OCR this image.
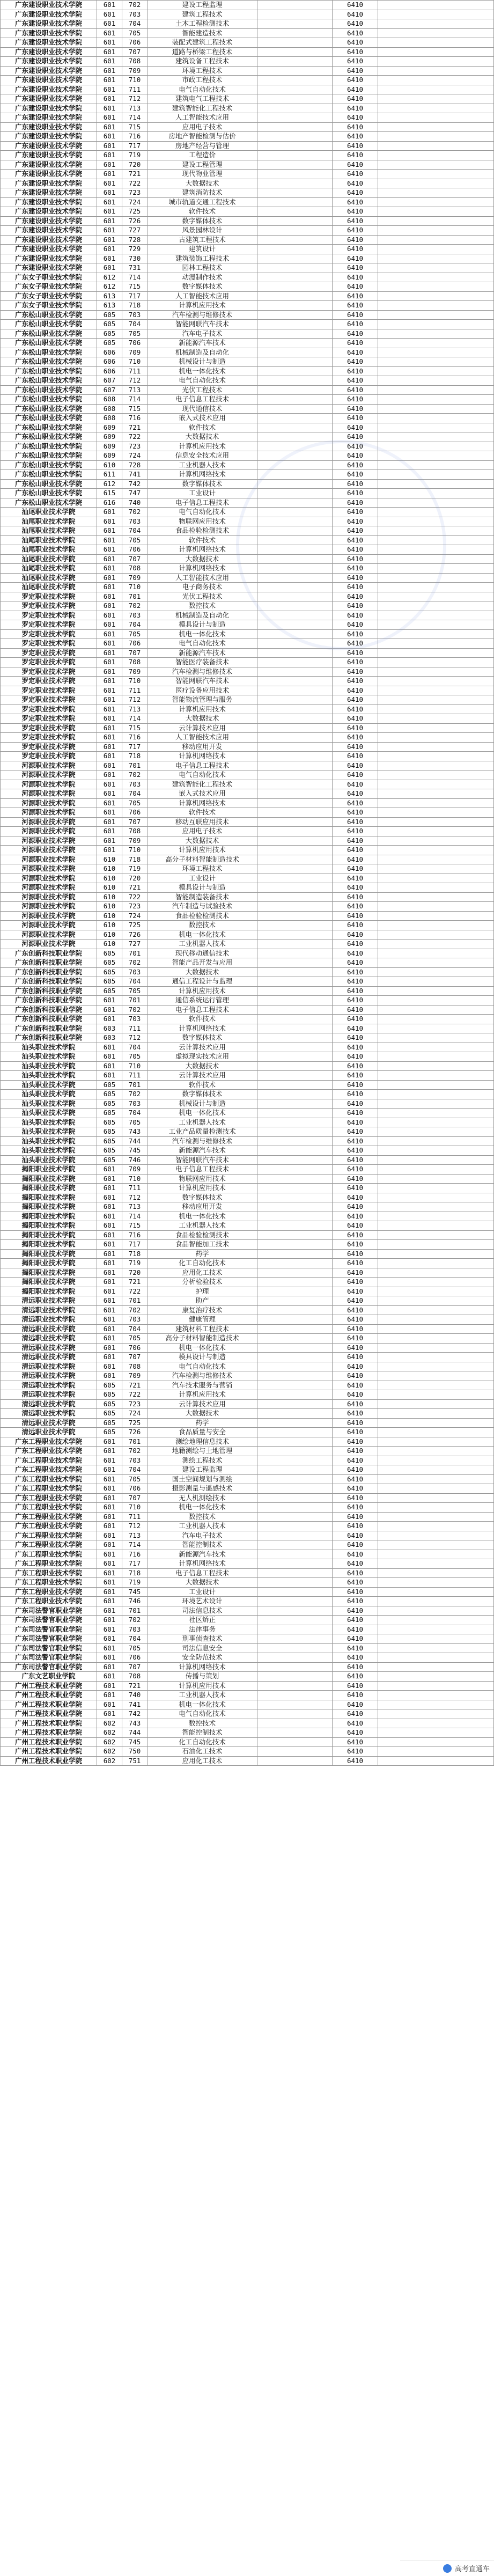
广东建设职业技术学院	601	702	建设工程监理		6410	
广东建设职业技术学院	601	703	建筑工程技术		6410	
广东建设职业技术学院	601	704	土木工程检测技术		6410	
广东建设职业技术学院	601	705	智能建造技术		6410	
广东建设职业技术学院	601	706	装配式建筑工程技术		6410	
广东建设职业技术学院	601	707	道路与桥梁工程技术		6410	
广东建设职业技术学院	601	708	建筑设备工程技术		6410	
广东建设职业技术学院	601	709	环境工程技术		6410	
广东建设职业技术学院	601	710	市政工程技术		6410	
广东建设职业技术学院	601	711	电气自动化技术		6410	
广东建设职业技术学院	601	712	建筑电气工程技术		6410	
广东建设职业技术学院	601	713	建筑智能化工程技术		6410	
广东建设职业技术学院	601	714	人工智能技术应用		6410	
广东建设职业技术学院	601	715	应用电子技术		6410	
广东建设职业技术学院	601	716	房地产智能检测与估价		6410	
广东建设职业技术学院	601	717	房地产经营与管理		6410	
广东建设职业技术学院	601	719	工程造价		6410	
广东建设职业技术学院	601	720	建设工程管理		6410	
广东建设职业技术学院	601	721	现代物业管理		6410	
广东建设职业技术学院	601	722	大数据技术		6410	
广东建设职业技术学院	601	723	建筑消防技术		6410	
广东建设职业技术学院	601	724	城市轨道交通工程技术		6410	
广东建设职业技术学院	601	725	软件技术		6410	
广东建设职业技术学院	601	726	数字媒体技术		6410	
广东建设职业技术学院	601	727	风景园林设计		6410	
广东建设职业技术学院	601	728	古建筑工程技术		6410	
广东建设职业技术学院	601	729	建筑设计		6410	
广东建设职业技术学院	601	730	建筑装饰工程技术		6410	
广东建设职业技术学院	601	731	园林工程技术		6410	
广东女子职业技术学院	612	714	动漫制作技术		6410	
广东女子职业技术学院	612	715	数字媒体技术		6410	
广东女子职业技术学院	613	717	人工智能技术应用		6410	
广东女子职业技术学院	613	718	计算机应用技术		6410	
广东松山职业技术学院	605	703	汽车检测与维修技术		6410	
广东松山职业技术学院	605	704	智能网联汽车技术		6410	
广东松山职业技术学院	605	705	汽车电子技术		6410	
广东松山职业技术学院	605	706	新能源汽车技术		6410	
广东松山职业技术学院	606	709	机械制造及自动化		6410	
广东松山职业技术学院	606	710	机械设计与制造		6410	
广东松山职业技术学院	606	711	机电一体化技术		6410	
广东松山职业技术学院	607	712	电气自动化技术		6410	
广东松山职业技术学院	607	713	光伏工程技术		6410	
广东松山职业技术学院	608	714	电子信息工程技术		6410	
广东松山职业技术学院	608	715	现代通信技术		6410	
广东松山职业技术学院	608	716	嵌入式技术应用		6410	
广东松山职业技术学院	609	721	软件技术		6410	
广东松山职业技术学院	609	722	大数据技术		6410	
广东松山职业技术学院	609	723	计算机应用技术		6410	
广东松山职业技术学院	609	724	信息安全技术应用		6410	
广东松山职业技术学院	610	728	工业机器人技术		6410	
广东松山职业技术学院	611	741	计算机网络技术		6410	
广东松山职业技术学院	612	742	数字媒体技术		6410	
广东松山职业技术学院	615	747	工业设计		6410	
广东松山职业技术学院	616	740	电子信息工程技术		6410	
汕尾职业技术学院	601	702	电气自动化技术		6410	
汕尾职业技术学院	601	703	物联网应用技术		6410	
汕尾职业技术学院	601	704	食品检验检测技术		6410	
汕尾职业技术学院	601	705	软件技术		6410	
汕尾职业技术学院	601	706	计算机网络技术		6410	
汕尾职业技术学院	601	707	大数据技术		6410	
汕尾职业技术学院	601	708	计算机网络技术		6410	
汕尾职业技术学院	601	709	人工智能技术应用		6410	
汕尾职业技术学院	601	710	电子商务技术		6410	
罗定职业技术学院	601	701	光伏工程技术		6410	
罗定职业技术学院	601	702	数控技术		6410	
罗定职业技术学院	601	703	机械制造及自动化		6410	
罗定职业技术学院	601	704	模具设计与制造		6410	
罗定职业技术学院	601	705	机电一体化技术		6410	
罗定职业技术学院	601	706	电气自动化技术		6410	
罗定职业技术学院	601	707	新能源汽车技术		6410	
罗定职业技术学院	601	708	智能医疗装备技术		6410	
罗定职业技术学院	601	709	汽车检测与维修技术		6410	
罗定职业技术学院	601	710	智能网联汽车技术		6410	
罗定职业技术学院	601	711	医疗设备应用技术		6410	
罗定职业技术学院	601	712	智能物流管理与服务		6410	
罗定职业技术学院	601	713	计算机应用技术		6410	
罗定职业技术学院	601	714	大数据技术		6410	
罗定职业技术学院	601	715	云计算技术应用		6410	
罗定职业技术学院	601	716	人工智能技术应用		6410	
罗定职业技术学院	601	717	移动应用开发		6410	
罗定职业技术学院	601	718	计算机网络技术		6410	
河源职业技术学院	601	701	电子信息工程技术		6410	
河源职业技术学院	601	702	电气自动化技术		6410	
河源职业技术学院	601	703	建筑智能化工程技术		6410	
河源职业技术学院	601	704	嵌入式技术应用		6410	
河源职业技术学院	601	705	计算机网络技术		6410	
河源职业技术学院	601	706	软件技术		6410	
河源职业技术学院	601	707	移动互联应用技术		6410	
河源职业技术学院	601	708	应用电子技术		6410	
河源职业技术学院	601	709	大数据技术		6410	
河源职业技术学院	601	710	计算机应用技术		6410	
河源职业技术学院	610	718	高分子材料智能制造技术		6410	
河源职业技术学院	610	719	环境工程技术		6410	
河源职业技术学院	610	720	工业设计		6410	
河源职业技术学院	610	721	模具设计与制造		6410	
河源职业技术学院	610	722	智能制造装备技术		6410	
河源职业技术学院	610	723	汽车制造与试验技术		6410	
河源职业技术学院	610	724	食品检验检测技术		6410	
河源职业技术学院	610	725	数控技术		6410	
河源职业技术学院	610	726	机电一体化技术		6410	
河源职业技术学院	610	727	工业机器人技术		6410	
广东创新科技职业学院	605	701	现代移动通信技术		6410	
广东创新科技职业学院	605	702	智能产品开发与应用		6410	
广东创新科技职业学院	605	703	大数据技术		6410	
广东创新科技职业学院	605	704	通信工程设计与监理		6410	
广东创新科技职业学院	605	705	计算机应用技术		6410	
广东创新科技职业学院	601	701	通信系统运行管理		6410	
广东创新科技职业学院	601	702	电子信息工程技术		6410	
广东创新科技职业学院	601	703	软件技术		6410	
广东创新科技职业学院	603	711	计算机网络技术		6410	
广东创新科技职业学院	603	712	数字媒体技术		6410	
汕头职业技术学院	601	704	云计算技术应用		6410	
汕头职业技术学院	601	705	虚拟现实技术应用		6410	
汕头职业技术学院	601	710	大数据技术		6410	
汕头职业技术学院	601	711	云计算技术应用		6410	
汕头职业技术学院	605	701	软件技术		6410	
汕头职业技术学院	605	702	数字媒体技术		6410	
汕头职业技术学院	605	703	机械设计与制造		6410	
汕头职业技术学院	605	704	机电一体化技术		6410	
汕头职业技术学院	605	705	工业机器人技术		6410	
汕头职业技术学院	605	743	工业产品质量检测技术		6410	
汕头职业技术学院	605	744	汽车检测与维修技术		6410	
汕头职业技术学院	605	745	新能源汽车技术		6410	
汕头职业技术学院	605	746	智能网联汽车技术		6410	
揭阳职业技术学院	601	709	电子信息工程技术		6410	
揭阳职业技术学院	601	710	物联网应用技术		6410	
揭阳职业技术学院	601	711	计算机应用技术		6410	
揭阳职业技术学院	601	712	数字媒体技术		6410	
揭阳职业技术学院	601	713	移动应用开发		6410	
揭阳职业技术学院	601	714	机电一体化技术		6410	
揭阳职业技术学院	601	715	工业机器人技术		6410	
揭阳职业技术学院	601	716	食品检验检测技术		6410	
揭阳职业技术学院	601	717	食品智能加工技术		6410	
揭阳职业技术学院	601	718	药学		6410	
揭阳职业技术学院	601	719	化工自动化技术		6410	
揭阳职业技术学院	601	720	应用化工技术		6410	
揭阳职业技术学院	601	721	分析检验技术		6410	
揭阳职业技术学院	601	722	护理		6410	
清远职业技术学院	601	701	助产		6410	
清远职业技术学院	601	702	康复治疗技术		6410	
清远职业技术学院	601	703	健康管理		6410	
清远职业技术学院	601	704	建筑材料工程技术		6410	
清远职业技术学院	601	705	高分子材料智能制造技术		6410	
清远职业技术学院	601	706	机电一体化技术		6410	
清远职业技术学院	601	707	模具设计与制造		6410	
清远职业技术学院	601	708	电气自动化技术		6410	
清远职业技术学院	601	709	汽车检测与维修技术		6410	
清远职业技术学院	605	721	汽车技术服务与营销		6410	
清远职业技术学院	605	722	计算机应用技术		6410	
清远职业技术学院	605	723	云计算技术应用		6410	
清远职业技术学院	605	724	大数据技术		6410	
清远职业技术学院	605	725	药学		6410	
清远职业技术学院	605	726	食品质量与安全		6410	
广东工程职业技术学院	601	701	测绘地理信息技术		6410	
广东工程职业技术学院	601	702	地籍测绘与土地管理		6410	
广东工程职业技术学院	601	703	测绘工程技术		6410	
广东工程职业技术学院	601	704	建设工程监理		6410	
广东工程职业技术学院	601	705	国土空间规划与测绘		6410	
广东工程职业技术学院	601	706	摄影测量与遥感技术		6410	
广东工程职业技术学院	601	707	无人机测绘技术		6410	
广东工程职业技术学院	601	710	机电一体化技术		6410	
广东工程职业技术学院	601	711	数控技术		6410	
广东工程职业技术学院	601	712	工业机器人技术		6410	
广东工程职业技术学院	601	713	汽车电子技术		6410	
广东工程职业技术学院	601	714	智能控制技术		6410	
广东工程职业技术学院	601	716	新能源汽车技术		6410	
广东工程职业技术学院	601	717	计算机网络技术		6410	
广东工程职业技术学院	601	718	电子信息工程技术		6410	
广东工程职业技术学院	601	719	大数据技术		6410	
广东工程职业技术学院	601	745	工业设计		6410	
广东工程职业技术学院	601	746	环境艺术设计		6410	
广东司法警官职业学院	601	701	司法信息技术		6410	
广东司法警官职业学院	601	702	社区矫正		6410	
广东司法警官职业学院	601	703	法律事务		6410	
广东司法警官职业学院	601	704	刑事侦查技术		6410	
广东司法警官职业学院	601	705	司法信息安全		6410	
广东司法警官职业学院	601	706	安全防范技术		6410	
广东司法警官职业学院	601	707	计算机网络技术		6410	
广东文艺职业学院	601	708	传播与策划		6410	
广州工程技术职业学院	601	721	计算机应用技术		6410	
广州工程技术职业学院	601	740	工业机器人技术		6410	
广州工程技术职业学院	601	741	机电一体化技术		6410	
广州工程技术职业学院	601	742	电气自动化技术		6410	
广州工程技术职业学院	602	743	数控技术		6410	
广州工程技术职业学院	602	744	智能控制技术		6410	
广州工程技术职业学院	602	745	化工自动化技术		6410	
广州工程技术职业学院	602	750	石油化工技术		6410	
广州工程技术职业学院	602	751	应用化工技术		6410	
高考直通车
